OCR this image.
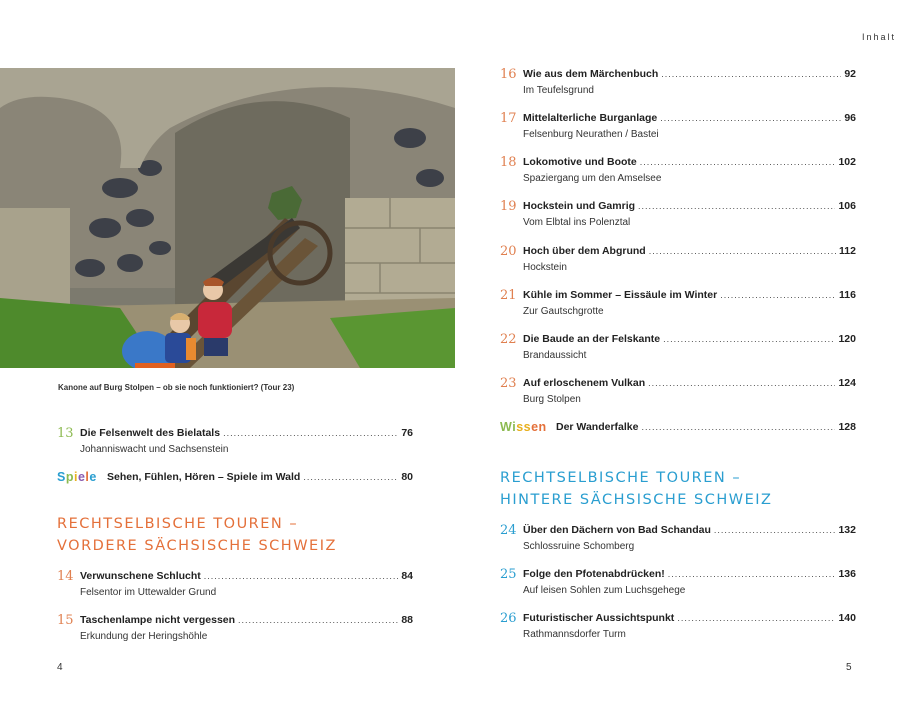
Inhalt
Kanone auf Burg Stolpen – ob sie noch funktioniert? (Tour 23)
13 Die Felsenwelt des Bielatals .....	76
Johanniswacht und Sachsenstein
Spiele Sehen, Fühlen, Hören – Spiele im Wald .....	80
RECHTSELBISCHE TOUREN –
VORDERE SÄCHSISCHE SCHWEIZ
14 Verwunschene Schlucht .....	84
Felsentor im Uttewalder Grund
15 Taschenlampe nicht vergessen .....	88
Erkundung der Heringshöhle
16 Wie aus dem Märchenbuch .....	92
Im Teufelsgrund
17 Mittelalterliche Burganlage .....	96
Felsenburg Neurathen / Bastei
18 Lokomotive und Boote .....	102
Spaziergang um den Amselsee
19 Hockstein und Gamrig .....	106
Vom Elbtal ins Polenztal
20 Hoch über dem Abgrund .....	112
Hockstein
21 Kühle im Sommer – Eissäule im Winter .....	116
Zur Gautschgrotte
22 Die Baude an der Felskante .....	120
Brandaussicht
23 Auf erloschenem Vulkan .....	124
Burg Stolpen
Wissen Der Wanderfalke .....	128
RECHTSELBISCHE TOUREN –
HINTERE SÄCHSISCHE SCHWEIZ
24 Über den Dächern von Bad Schandau .....	132
Schlossruine Schomberg
25 Folge den Pfotenabdrücken! .....	136
Auf leisen Sohlen zum Luchsgehege
26 Futuristischer Aussichtspunkt .....	140
Rathmannsdorfer Turm
4	5
